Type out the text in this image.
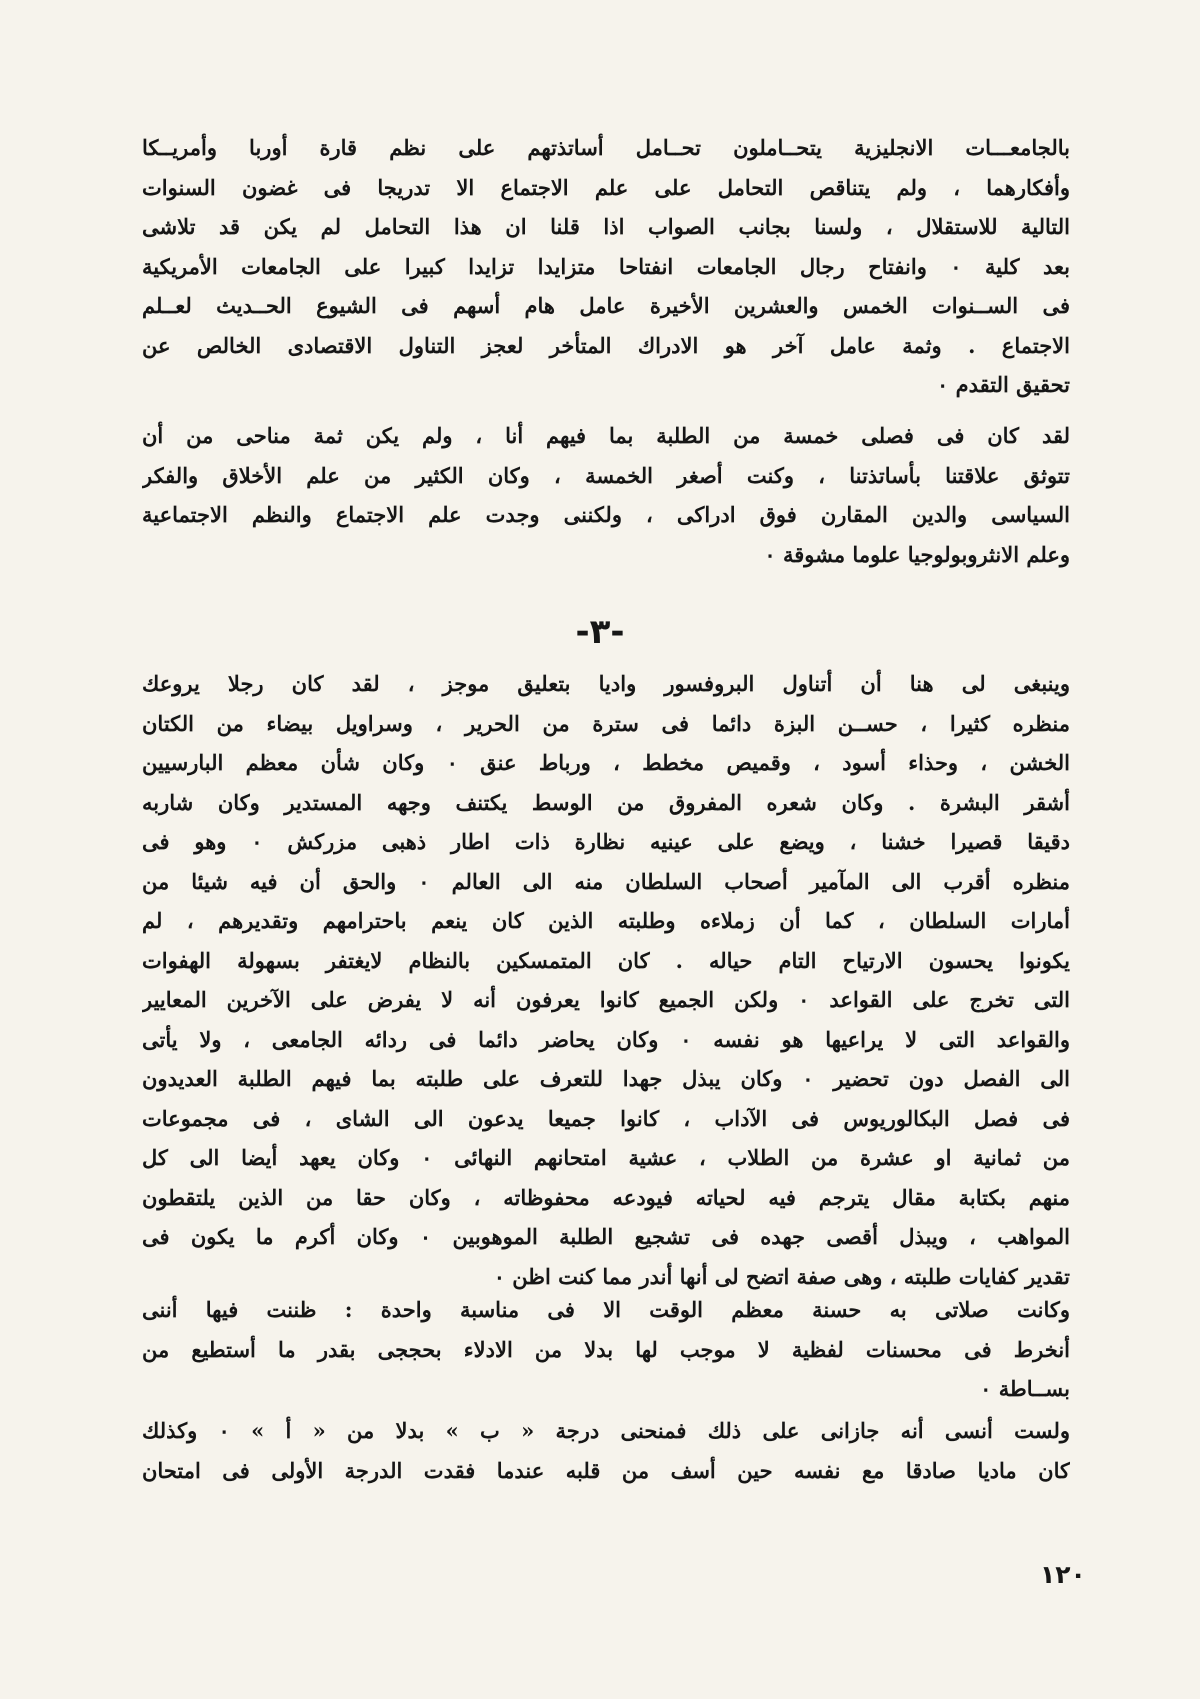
بالجامعـــات الانجليزية يتحــاملون تحــامل أساتذتهم على نظم قارة أوربا وأمريــكا
وأفكارهما ، ولم يتناقص التحامل على علم الاجتماع الا تدريجا فى غضون السنوات
التالية للاستقلال ، ولسنا بجانب الصواب اذا قلنا ان هذا التحامل لم يكن قد تلاشى
بعد كلية ٠ وانفتاح رجال الجامعات انفتاحا متزايدا تزايدا كبيرا على الجامعات الأمريكية
فى الســنوات الخمس والعشرين الأخيرة عامل هام أسهم فى الشيوع الحــديث لعــلم
الاجتماع . وثمة عامل آخر هو الادراك المتأخر لعجز التناول الاقتصادى الخالص عن
تحقيق التقدم ٠
لقد كان فى فصلى خمسة من الطلبة بما فيهم أنا ، ولم يكن ثمة مناحى من أن
تتوثق علاقتنا بأساتذتنا ، وكنت أصغر الخمسة ، وكان الكثير من علم الأخلاق والفكر
السياسى والدين المقارن فوق ادراكى ، ولكننى وجدت علم الاجتماع والنظم الاجتماعية
وعلم الانثروبولوجيا علوما مشوقة ٠
-٣-
وينبغى لى هنا أن أتناول البروفسور واديا بتعليق موجز ، لقد كان رجلا يروعك
منظره كثيرا ، حســن البزة دائما فى سترة من الحرير ، وسراويل بيضاء من الكتان
الخشن ، وحذاء أسود ، وقميص مخطط ، ورباط عنق ٠ وكان شأن معظم البارسيين
أشقر البشرة . وكان شعره المفروق من الوسط يكتنف وجهه المستدير وكان شاربه
دقيقا قصيرا خشنا ، ويضع على عينيه نظارة ذات اطار ذهبى مزركش ٠ وهو فى
منظره أقرب الى المآمير أصحاب السلطان منه الى العالم ٠ والحق أن فيه شيئا من
أمارات السلطان ، كما أن زملاءه وطلبته الذين كان ينعم باحترامهم وتقديرهم ، لم
يكونوا يحسون الارتياح التام حياله . كان المتمسكين بالنظام لايغتفر بسهولة الهفوات
التى تخرج على القواعد ٠ ولكن الجميع كانوا يعرفون أنه لا يفرض على الآخرين المعايير
والقواعد التى لا يراعيها هو نفسه ٠ وكان يحاضر دائما فى ردائه الجامعى ، ولا يأتى
الى الفصل دون تحضير ٠ وكان يبذل جهدا للتعرف على طلبته بما فيهم الطلبة العديدون
فى فصل البكالوريوس فى الآداب ، كانوا جميعا يدعون الى الشاى ، فى مجموعات
من ثمانية او عشرة من الطلاب ، عشية امتحانهم النهائى ٠ وكان يعهد أيضا الى كل
منهم بكتابة مقال يترجم فيه لحياته فيودعه محفوظاته ، وكان حقا من الذين يلتقطون
المواهب ، ويبذل أقصى جهده فى تشجيع الطلبة الموهوبين ٠ وكان أكرم ما يكون فى
تقدير كفايات طلبته ، وهى صفة اتضح لى أنها أندر مما كنت اظن ٠
وكانت صلاتى به حسنة معظم الوقت الا فى مناسبة واحدة : ظننت فيها أننى
أنخرط فى محسنات لفظية لا موجب لها بدلا من الادلاء بحججى بقدر ما أستطيع من
بســاطة ٠
ولست أنسى أنه جازانى على ذلك فمنحنى درجة « ب » بدلا من « أ » ٠ وكذلك
كان ماديا صادقا مع نفسه حين أسف من قلبه عندما فقدت الدرجة الأولى فى امتحان
١٢٠
